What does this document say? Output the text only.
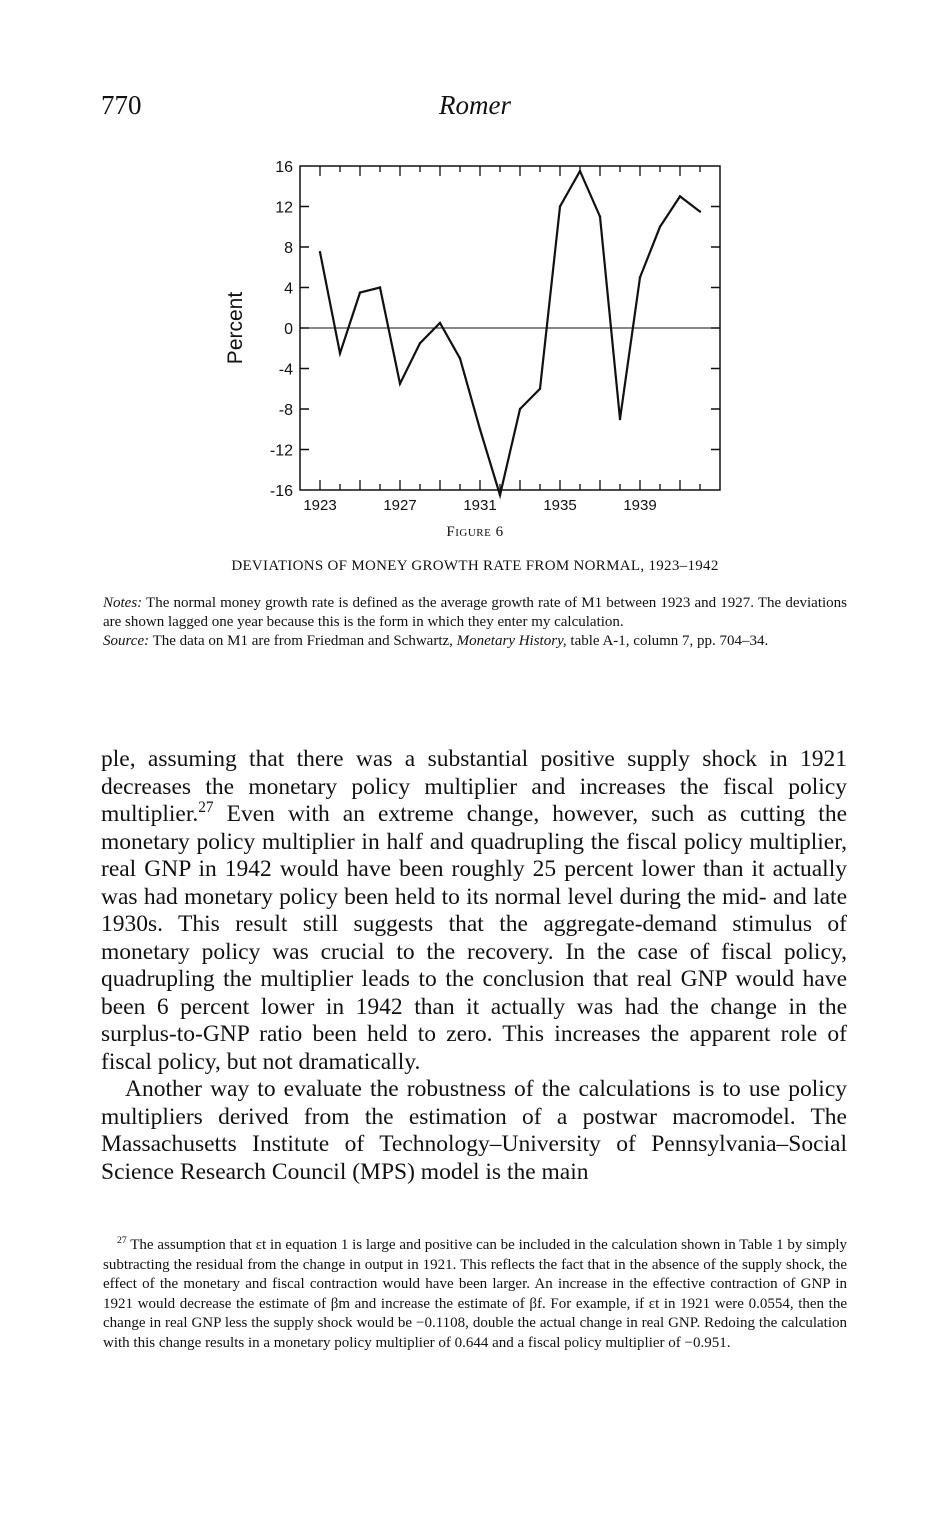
770	Romer
16
12
8
4
0
-4
-8
-12
-16
1923	1927	1931	1935	1939
Percent
Figure 6
DEVIATIONS OF MONEY GROWTH RATE FROM NORMAL, 1923–1942

Notes: The normal money growth rate is defined as the average growth rate of M1 between 1923 and 1927. The deviations are shown lagged one year because this is the form in which they enter my calculation.

Source: The data on M1 are from Friedman and Schwartz, Monetary History, table A-1, column 7, pp. 704–34.

ple, assuming that there was a substantial positive supply shock in 1921 decreases the monetary policy multiplier and increases the fiscal policy multiplier.$^{27}$ Even with an extreme change, however, such as cutting the monetary policy multiplier in half and quadrupling the fiscal policy multiplier, real GNP in 1942 would have been roughly 25 percent lower than it actually was had monetary policy been held to its normal level during the mid- and late 1930s. This result still suggests that the aggregate-demand stimulus of monetary policy was crucial to the recovery. In the case of fiscal policy, quadrupling the multiplier leads to the conclusion that real GNP would have been 6 percent lower in 1942 than it actually was had the change in the surplus-to-GNP ratio been held to zero. This increases the apparent role of fiscal policy, but not dramatically.

Another way to evaluate the robustness of the calculations is to use policy multipliers derived from the estimation of a postwar macromodel. The Massachusetts Institute of Technology–University of Pennsylvania–Social Science Research Council (MPS) model is the main

$^{27}$ The assumption that εt in equation 1 is large and positive can be included in the calculation shown in Table 1 by simply subtracting the residual from the change in output in 1921. This reflects the fact that in the absence of the supply shock, the effect of the monetary and fiscal contraction would have been larger. An increase in the effective contraction of GNP in 1921 would decrease the estimate of βm and increase the estimate of βf. For example, if εt in 1921 were 0.0554, then the change in real GNP less the supply shock would be −0.1108, double the actual change in real GNP. Redoing the calculation with this change results in a monetary policy multiplier of 0.644 and a fiscal policy multiplier of −0.951.
